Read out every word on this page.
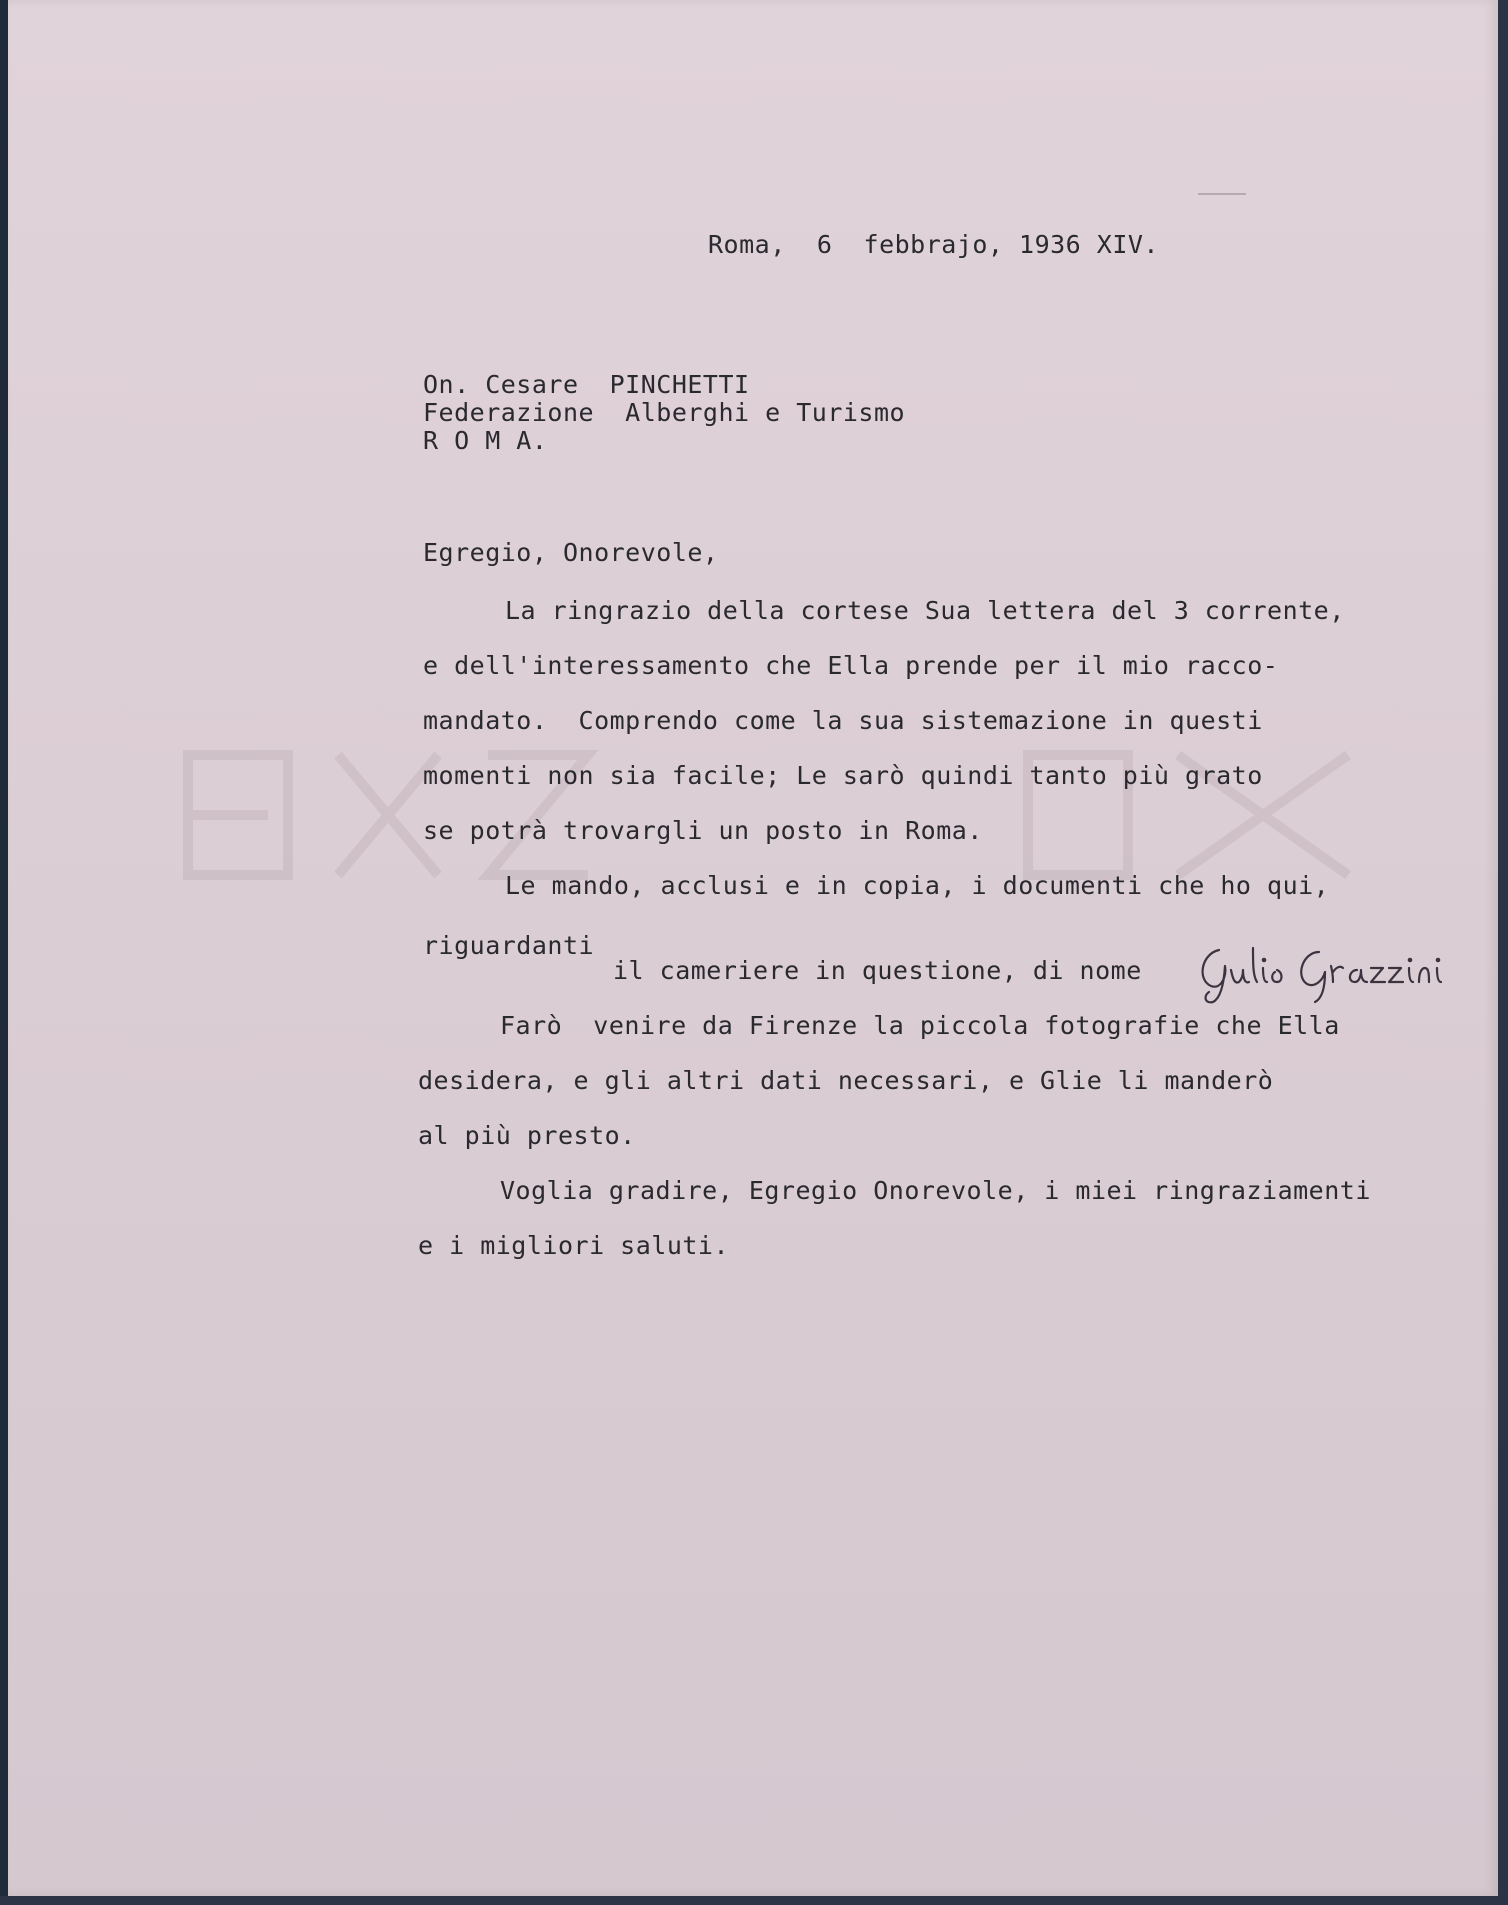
Roma,  6  febbrajo, 1936 XIV.

On. Cesare  PINCHETTI

Federazione  Alberghi e Turismo

R O M A.

Egregio, Onorevole,

La ringrazio della cortese Sua lettera del 3 corrente,

e dell'interessamento che Ella prende per il mio racco-

mandato.  Comprendo come la sua sistemazione in questi

momenti non sia facile; Le sarò quindi tanto più grato

se potrà trovargli un posto in Roma.

Le mando, acclusi e in copia, i documenti che ho qui,

riguardanti

il cameriere in questione, di nome

Farò  venire da Firenze la piccola fotografie che Ella

desidera, e gli altri dati necessari, e Glie li manderò

al più presto.

Voglia gradire, Egregio Onorevole, i miei ringraziamenti

e i migliori saluti.
